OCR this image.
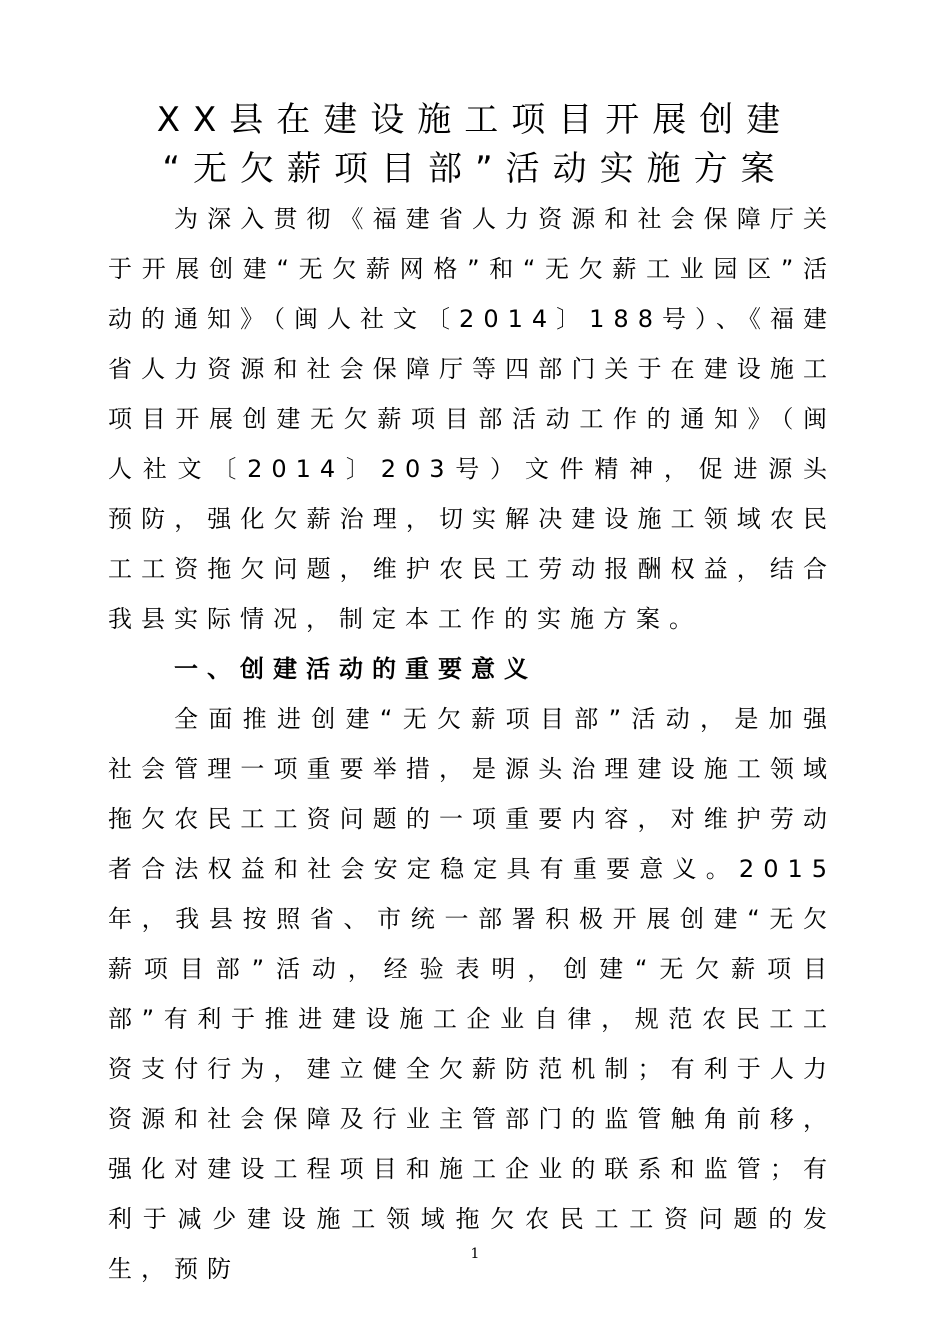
XX县在建设施工项目开展创建
“无欠薪项目部”活动实施方案

为深入贯彻《福建省人力资源和社会保障厅关于开展创建“无欠薪网格”和“无欠薪工业园区”活动的通知》（闽人社文〔2014〕188号）、《福建省人力资源和社会保障厅等四部门关于在建设施工项目开展创建无欠薪项目部活动工作的通知》（闽人社文〔2014〕203号）文件精神，促进源头预防，强化欠薪治理，切实解决建设施工领域农民工工资拖欠问题，维护农民工劳动报酬权益，结合我县实际情况，制定本工作的实施方案。

一、创建活动的重要意义

全面推进创建“无欠薪项目部”活动，是加强社会管理一项重要举措，是源头治理建设施工领域拖欠农民工工资问题的一项重要内容，对维护劳动者合法权益和社会安定稳定具有重要意义。2015年，我县按照省、市统一部署积极开展创建“无欠薪项目部”活动，经验表明，创建“无欠薪项目部”有利于推进建设施工企业自律，规范农民工工资支付行为，建立健全欠薪防范机制；有利于人力资源和社会保障及行业主管部门的监管触角前移，强化对建设工程项目和施工企业的联系和监管；有利于减少建设施工领域拖欠农民工工资问题的发生，预防

1
